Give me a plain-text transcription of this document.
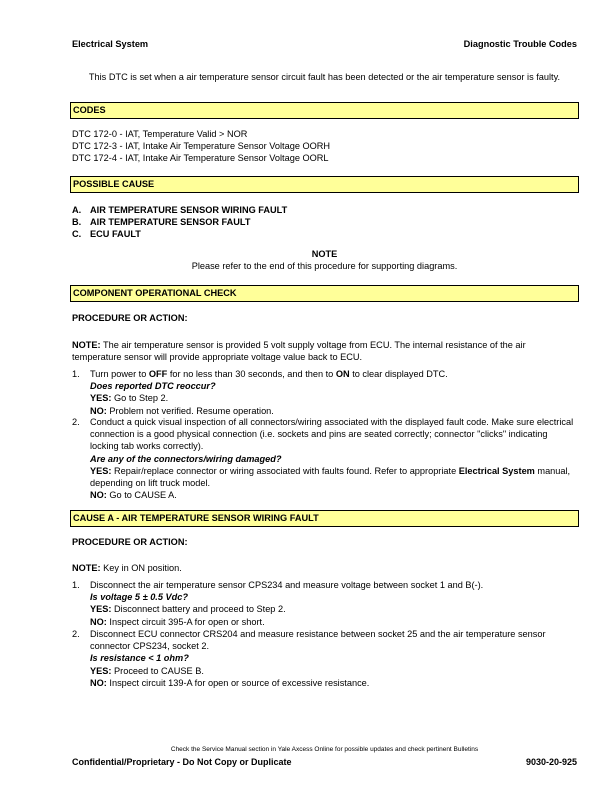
Electrical System	Diagnostic Trouble Codes
This DTC is set when a air temperature sensor circuit fault has been detected or the air temperature sensor is faulty.
CODES
DTC 172-0 - IAT, Temperature Valid > NOR
DTC 172-3 - IAT, Intake Air Temperature Sensor Voltage OORH
DTC 172-4 - IAT, Intake Air Temperature Sensor Voltage OORL
POSSIBLE CAUSE
A. AIR TEMPERATURE SENSOR WIRING FAULT
B. AIR TEMPERATURE SENSOR FAULT
C. ECU FAULT
NOTE
Please refer to the end of this procedure for supporting diagrams.
COMPONENT OPERATIONAL CHECK
PROCEDURE OR ACTION:
NOTE: The air temperature sensor is provided 5 volt supply voltage from ECU. The internal resistance of the air temperature sensor will provide appropriate voltage value back to ECU.
1. Turn power to OFF for no less than 30 seconds, and then to ON to clear displayed DTC.
Does reported DTC reoccur?
YES: Go to Step 2.
NO: Problem not verified. Resume operation.
2. Conduct a quick visual inspection of all connectors/wiring associated with the displayed fault code. Make sure electrical connection is a good physical connection (i.e. sockets and pins are seated correctly; connector "clicks" indicating locking tab works correctly).
Are any of the connectors/wiring damaged?
YES: Repair/replace connector or wiring associated with faults found. Refer to appropriate Electrical System manual, depending on lift truck model.
NO: Go to CAUSE A.
CAUSE A - AIR TEMPERATURE SENSOR WIRING FAULT
PROCEDURE OR ACTION:
NOTE: Key in ON position.
1. Disconnect the air temperature sensor CPS234 and measure voltage between socket 1 and B(-).
Is voltage 5 ± 0.5 Vdc?
YES: Disconnect battery and proceed to Step 2.
NO: Inspect circuit 395-A for open or short.
2. Disconnect ECU connector CRS204 and measure resistance between socket 25 and the air temperature sensor connector CPS234, socket 2.
Is resistance < 1 ohm?
YES: Proceed to CAUSE B.
NO: Inspect circuit 139-A for open or source of excessive resistance.
Check the Service Manual section in Yale Axcess Online for possible updates and check pertinent Bulletins
Confidential/Proprietary - Do Not Copy or Duplicate	9030-20-925
